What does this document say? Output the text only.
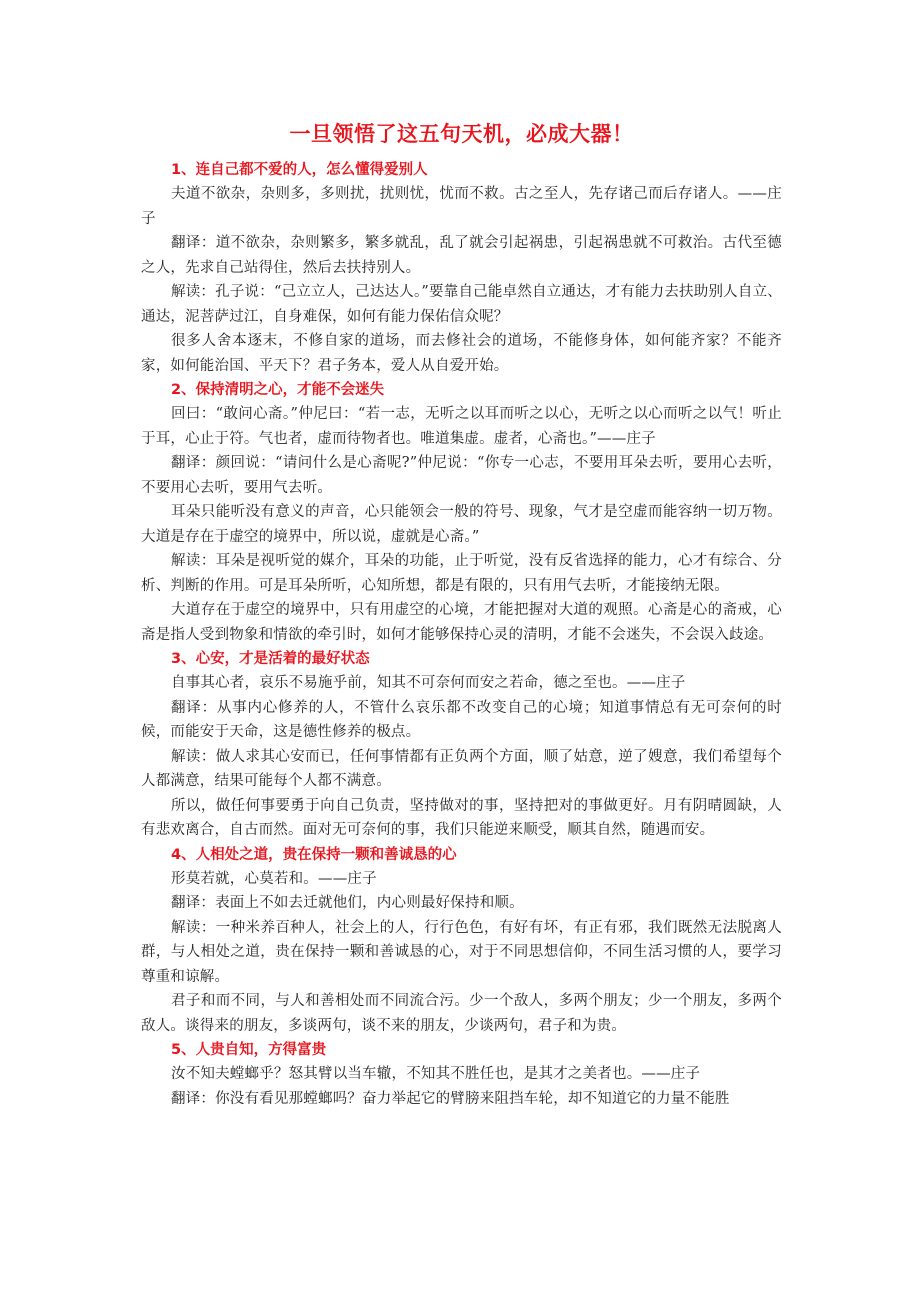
一旦领悟了这五句天机，必成大器！
1、连自己都不爱的人，怎么懂得爱别人

夫道不欲杂，杂则多，多则扰，扰则忧，忧而不救。古之至人，先存诸己而后存诸人。——庄子

翻译：道不欲杂，杂则繁多，繁多就乱，乱了就会引起祸患，引起祸患就不可救治。古代至德之人，先求自己站得住，然后去扶持别人。

解读：孔子说：“己立立人，己达达人。”要靠自己能卓然自立通达，才有能力去扶助别人自立、通达，泥菩萨过江，自身难保，如何有能力保佑信众呢？

很多人舍本逐末，不修自家的道场，而去修社会的道场，不能修身体，如何能齐家？不能齐家，如何能治国、平天下？君子务本，爱人从自爱开始。

2、保持清明之心，才能不会迷失

回曰：“敢问心斋。”仲尼曰：“若一志，无听之以耳而听之以心，无听之以心而听之以气！听止于耳，心止于符。气也者，虚而待物者也。唯道集虚。虚者，心斋也。”——庄子

翻译：颜回说：“请问什么是心斋呢?”仲尼说：“你专一心志，不要用耳朵去听，要用心去听，不要用心去听，要用气去听。

耳朵只能听没有意义的声音，心只能领会一般的符号、现象，气才是空虚而能容纳一切万物。大道是存在于虚空的境界中，所以说，虚就是心斋。”

解读：耳朵是视听觉的媒介，耳朵的功能，止于听觉，没有反省选择的能力，心才有综合、分析、判断的作用。可是耳朵所听，心知所想，都是有限的，只有用气去听，才能接纳无限。

大道存在于虚空的境界中，只有用虚空的心境，才能把握对大道的观照。心斋是心的斋戒，心斋是指人受到物象和情欲的牵引时，如何才能够保持心灵的清明，才能不会迷失，不会误入歧途。

3、心安，才是活着的最好状态

自事其心者，哀乐不易施乎前，知其不可奈何而安之若命，德之至也。——庄子

翻译：从事内心修养的人，不管什么哀乐都不改变自己的心境；知道事情总有无可奈何的时候，而能安于天命，这是德性修养的极点。

解读：做人求其心安而已，任何事情都有正负两个方面，顺了姑意，逆了嫂意，我们希望每个人都满意，结果可能每个人都不满意。

所以，做任何事要勇于向自己负责，坚持做对的事，坚持把对的事做更好。月有阴晴圆缺，人有悲欢离合，自古而然。面对无可奈何的事，我们只能逆来顺受，顺其自然，随遇而安。

4、人相处之道，贵在保持一颗和善诚恳的心

形莫若就，心莫若和。——庄子

翻译：表面上不如去迁就他们，内心则最好保持和顺。

解读：一种米养百种人，社会上的人，行行色色，有好有坏，有正有邪，我们既然无法脱离人群，与人相处之道，贵在保持一颗和善诚恳的心，对于不同思想信仰，不同生活习惯的人，要学习尊重和谅解。

君子和而不同，与人和善相处而不同流合污。少一个敌人，多两个朋友；少一个朋友，多两个敌人。谈得来的朋友，多谈两句，谈不来的朋友，少谈两句，君子和为贵。

5、人贵自知，方得富贵

汝不知夫螳螂乎？怒其臂以当车辙，不知其不胜任也，是其才之美者也。——庄子

翻译：你没有看见那螳螂吗？奋力举起它的臂膀来阻挡车轮，却不知道它的力量不能胜
